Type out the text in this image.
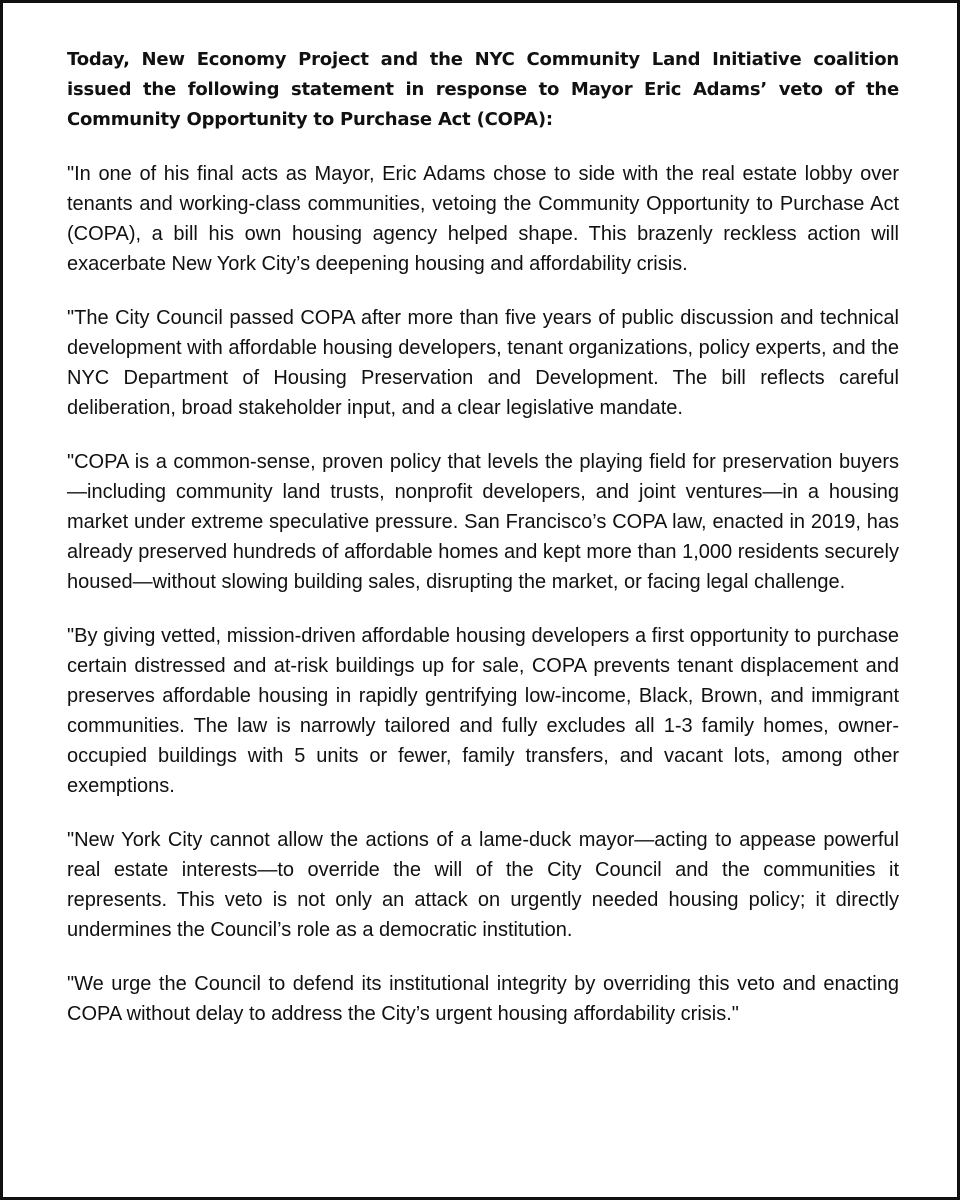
Today, New Economy Project and the NYC Community Land Initiative coalition issued the following statement in response to Mayor Eric Adams’ veto of the Community Opportunity to Purchase Act (COPA):

"In one of his final acts as Mayor, Eric Adams chose to side with the real estate lobby over tenants and working-class communities, vetoing the Community Opportunity to Purchase Act (COPA), a bill his own housing agency helped shape. This brazenly reckless action will exacerbate New York City’s deepening housing and affordability crisis.

"The City Council passed COPA after more than five years of public discussion and technical development with affordable housing developers, tenant organizations, policy experts, and the NYC Department of Housing Preservation and Development. The bill reflects careful deliberation, broad stakeholder input, and a clear legislative mandate.

"COPA is a common-sense, proven policy that levels the playing field for preservation buyers—including community land trusts, nonprofit developers, and joint ventures—in a housing market under extreme speculative pressure. San Francisco’s COPA law, enacted in 2019, has already preserved hundreds of affordable homes and kept more than 1,000 residents securely housed—without slowing building sales, disrupting the market, or facing legal challenge.

"By giving vetted, mission-driven affordable housing developers a first opportunity to purchase certain distressed and at-risk buildings up for sale, COPA prevents tenant displacement and preserves affordable housing in rapidly gentrifying low-income, Black, Brown, and immigrant communities. The law is narrowly tailored and fully excludes all 1-3 family homes, owner-occupied buildings with 5 units or fewer, family transfers, and vacant lots, among other exemptions.

"New York City cannot allow the actions of a lame-duck mayor—acting to appease powerful real estate interests—to override the will of the City Council and the communities it represents. This veto is not only an attack on urgently needed housing policy; it directly undermines the Council’s role as a democratic institution.

"We urge the Council to defend its institutional integrity by overriding this veto and enacting COPA without delay to address the City’s urgent housing affordability crisis."
